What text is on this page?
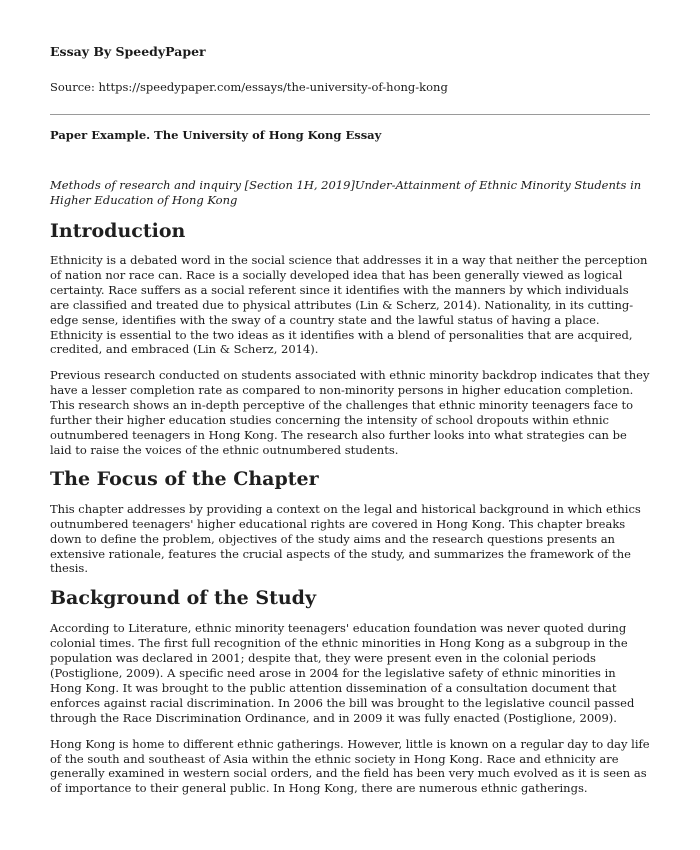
Essay By SpeedyPaper

Source: https://speedypaper.com/essays/the-university-of-hong-kong

Paper Example. The University of Hong Kong Essay

Methods of research and inquiry [Section 1H, 2019]Under-Attainment of Ethnic Minority Students in Higher Education of Hong Kong

Introduction

Ethnicity is a debated word in the social science that addresses it in a way that neither the perception of nation nor race can. Race is a socially developed idea that has been generally viewed as logical certainty. Race suffers as a social referent since it identifies with the manners by which individuals are classified and treated due to physical attributes (Lin & Scherz, 2014). Nationality, in its cutting-edge sense, identifies with the sway of a country state and the lawful status of having a place. Ethnicity is essential to the two ideas as it identifies with a blend of personalities that are acquired, credited, and embraced (Lin & Scherz, 2014).

Previous research conducted on students associated with ethnic minority backdrop indicates that they have a lesser completion rate as compared to non-minority persons in higher education completion. This research shows an in-depth perceptive of the challenges that ethnic minority teenagers face to further their higher education studies concerning the intensity of school dropouts within ethnic outnumbered teenagers in Hong Kong. The research also further looks into what strategies can be laid to raise the voices of the ethnic outnumbered students.

The Focus of the Chapter

This chapter addresses by providing a context on the legal and historical background in which ethics outnumbered teenagers' higher educational rights are covered in Hong Kong. This chapter breaks down to define the problem, objectives of the study aims and the research questions presents an extensive rationale, features the crucial aspects of the study, and summarizes the framework of the thesis.

Background of the Study

According to Literature, ethnic minority teenagers' education foundation was never quoted during colonial times. The first full recognition of the ethnic minorities in Hong Kong as a subgroup in the population was declared in 2001; despite that, they were present even in the colonial periods (Postiglione, 2009). A specific need arose in 2004 for the legislative safety of ethnic minorities in Hong Kong. It was brought to the public attention dissemination of a consultation document that enforces against racial discrimination. In 2006 the bill was brought to the legislative council passed through the Race Discrimination Ordinance, and in 2009 it was fully enacted (Postiglione, 2009).

Hong Kong is home to different ethnic gatherings. However, little is known on a regular day to day life of the south and southeast of Asia within the ethnic society in Hong Kong. Race and ethnicity are generally examined in western social orders, and the field has been very much evolved as it is seen as of importance to their general public. In Hong Kong, there are numerous ethnic gatherings.
